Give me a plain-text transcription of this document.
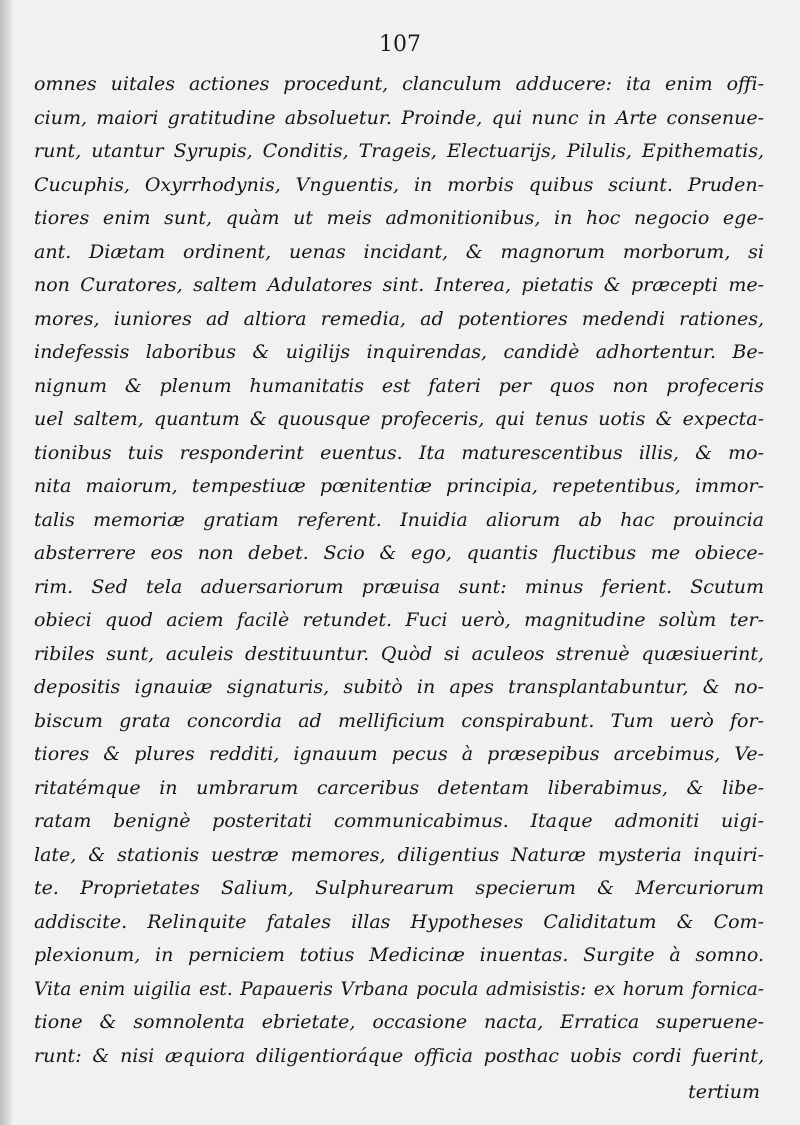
107
omnes uitales actiones procedunt, clanculum adducere: ita enim offi-
cium, maiori gratitudine absoluetur. Proinde, qui nunc in Arte consenue-
runt, utantur Syrupis, Conditis, Trageis, Electuarijs, Pilulis, Epithematis,
Cucuphis, Oxyrrhodynis, Vnguentis, in morbis quibus sciunt. Pruden-
tiores enim sunt, quàm ut meis admonitionibus, in hoc negocio ege-
ant. Diætam ordinent, uenas incidant, & magnorum morborum, si
non Curatores, saltem Adulatores sint. Interea, pietatis & præcepti me-
mores, iuniores ad altiora remedia, ad potentiores medendi rationes,
indefessis laboribus & uigilijs inquirendas, candidè adhortentur. Be-
nignum & plenum humanitatis est fateri per quos non profeceris
uel saltem, quantum & quousque profeceris, qui tenus uotis & expecta-
tionibus tuis responderint euentus. Ita maturescentibus illis, & mo-
nita maiorum, tempestiuæ pœnitentiæ principia, repetentibus, immor-
talis memoriæ gratiam referent. Inuidia aliorum ab hac prouincia
absterrere eos non debet. Scio & ego, quantis fluctibus me obiece-
rim. Sed tela aduersariorum præuisa sunt: minus ferient. Scutum
obieci quod aciem facilè retundet. Fuci uerò, magnitudine solùm ter-
ribiles sunt, aculeis destituuntur. Quòd si aculeos strenuè quæsiuerint,
depositis ignauiæ signaturis, subitò in apes transplantabuntur, & no-
biscum grata concordia ad mellificium conspirabunt. Tum uerò for-
tiores & plures redditi, ignauum pecus à præsepibus arcebimus, Ve-
ritatémque in umbrarum carceribus detentam liberabimus, & libe-
ratam benignè posteritati communicabimus. Itaque admoniti uigi-
late, & stationis uestræ memores, diligentius Naturæ mysteria inquiri-
te. Proprietates Salium, Sulphurearum specierum & Mercuriorum
addiscite. Relinquite fatales illas Hypotheses Caliditatum & Com-
plexionum, in perniciem totius Medicinæ inuentas. Surgite à somno.
Vita enim uigilia est. Papaueris Vrbana pocula admisistis: ex horum fornica-
tione & somnolenta ebrietate, occasione nacta, Erratica superuene-
runt: & nisi æquiora diligentioráque officia posthac uobis cordi fuerint,
tertium
